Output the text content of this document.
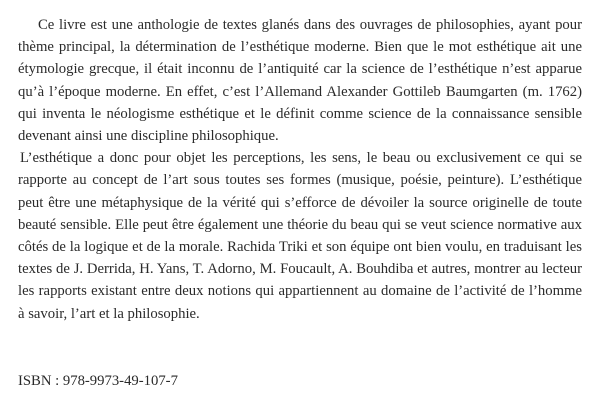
Ce livre est une anthologie de textes glanés dans des ouvrages de philosophies, ayant pour thème principal, la détermination de l’esthétique moderne. Bien que le mot esthétique ait une étymologie grecque, il était inconnu de l’antiquité car la science de l’esthétique n’est apparue qu’à l’époque moderne. En effet, c’est l’Allemand Alexander Gottileb Baumgarten (m. 1762) qui inventa le néologisme esthétique et le définit comme science de la connaissance sensible devenant ainsi une discipline philosophique.

L’esthétique a donc pour objet les perceptions, les sens, le beau ou exclusivement ce qui se rapporte au concept de l’art sous toutes ses formes (musique, poésie, peinture). L’esthétique peut être une métaphysique de la vérité qui s’efforce de dévoiler la source originelle de toute beauté sensible. Elle peut être également une théorie du beau qui se veut science normative aux côtés de la logique et de la morale. Rachida Triki et son équipe ont bien voulu, en traduisant les textes de J. Derrida, H. Yans, T. Adorno, M. Foucault, A. Bouhdiba et autres, montrer au lecteur les rapports existant entre deux notions qui appartiennent au domaine de l’activité de l’homme à savoir, l’art et la philosophie.

ISBN : 978-9973-49-107-7
